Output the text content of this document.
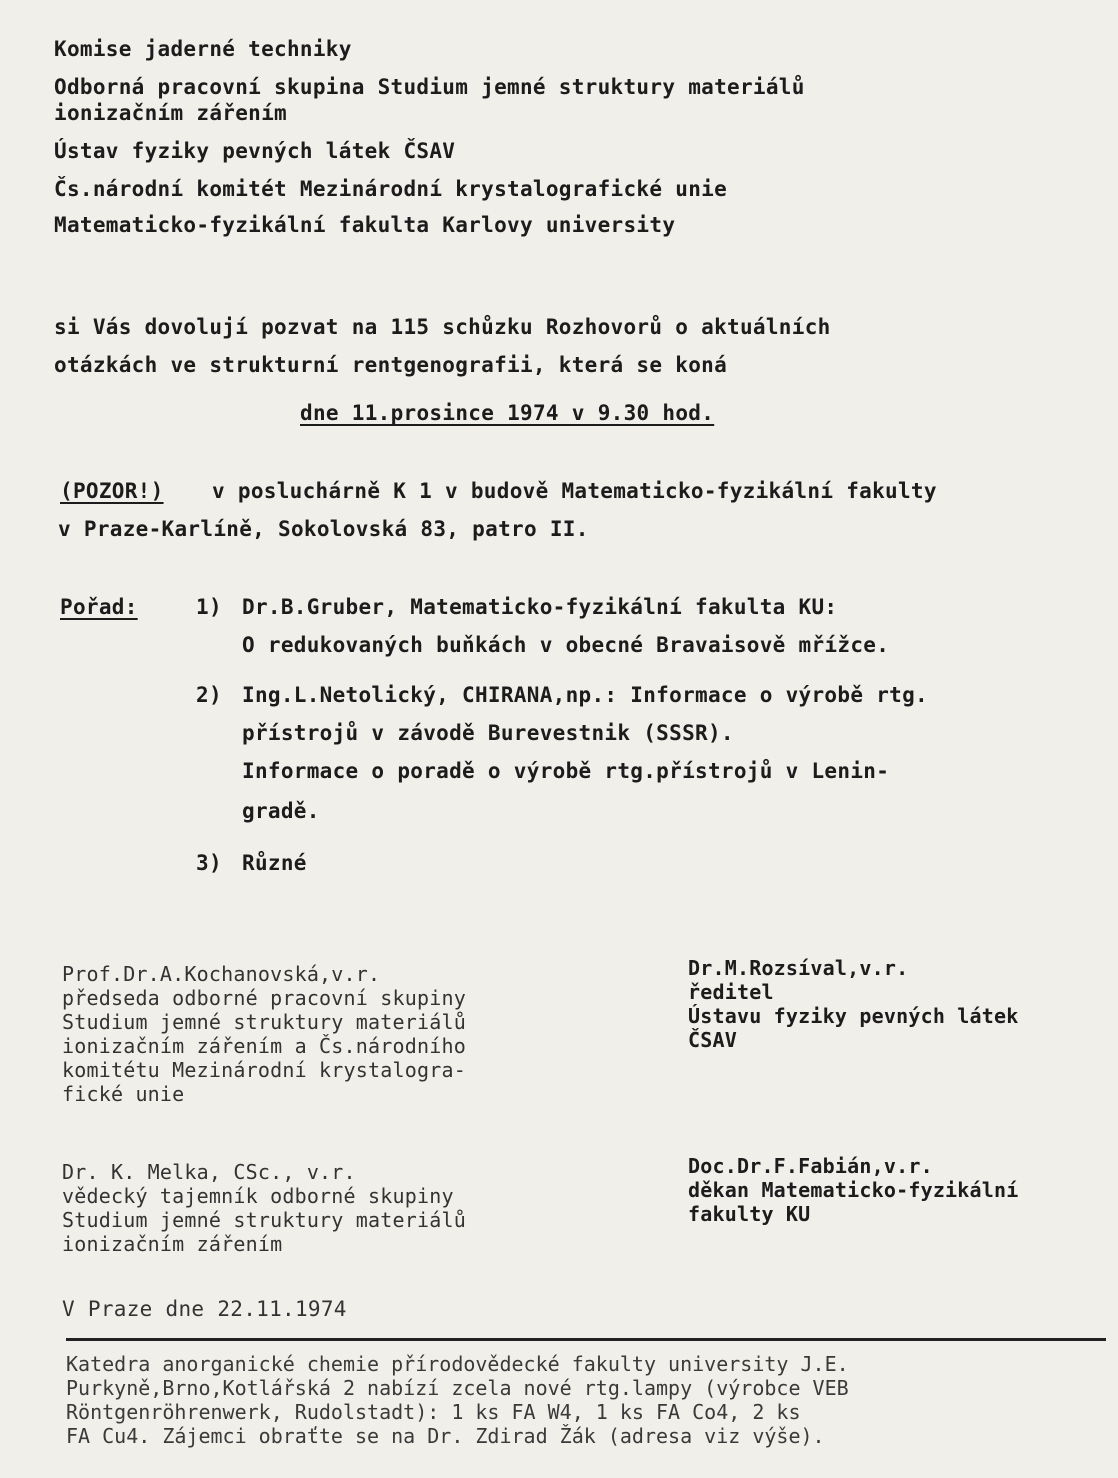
Komise jaderné techniky
Odborná pracovní skupina Studium jemné struktury materiálů
ionizačním zářením
Ústav fyziky pevných látek ČSAV
Čs.národní komitét Mezinárodní krystalografické unie
Matematicko-fyzikální fakulta Karlovy university
si Vás dovolují pozvat na 115 schůzku Rozhovorů o aktuálních
otázkách ve strukturní rentgenografii, která se koná
dne 11.prosince 1974 v 9.30 hod.
(POZOR!) v posluchárně K 1 v budově Matematicko-fyzikální fakulty
v Praze-Karlíně, Sokolovská 83, patro II.
Pořad:	1) Dr.B.Gruber, Matematicko-fyzikální fakulta KU:
O redukovaných buňkách v obecné Bravaisově mřížce.
2) Ing.L.Netolický, CHIRANA,np.: Informace o výrobě rtg.
přístrojů v závodě Burevestnik (SSSR).
Informace o poradě o výrobě rtg.přístrojů v Lenin-
gradě.
3) Různé
Prof.Dr.A.Kochanovská,v.r.
předseda odborné pracovní skupiny
Studium jemné struktury materiálů
ionizačním zářením a Čs.národního
komitétu Mezinárodní krystalogra-
fické unie
Dr. K. Melka, CSc., v.r.
vědecký tajemník odborné skupiny
Studium jemné struktury materiálů
ionizačním zářením
Dr.M.Rozsíval,v.r.
ředitel
Ústavu fyziky pevných látek
ČSAV
Doc.Dr.F.Fabián,v.r.
děkan Matematicko-fyzikální
fakulty KU
V Praze dne 22.11.1974
Katedra anorganické chemie přírodovědecké fakulty university J.E.
Purkyně,Brno,Kotlářská 2 nabízí zcela nové rtg.lampy (výrobce VEB
Röntgenröhrenwerk, Rudolstadt): 1 ks FA W4, 1 ks FA Co4, 2 ks
FA Cu4. Zájemci obraťte se na Dr. Zdirad Žák (adresa viz výše).
